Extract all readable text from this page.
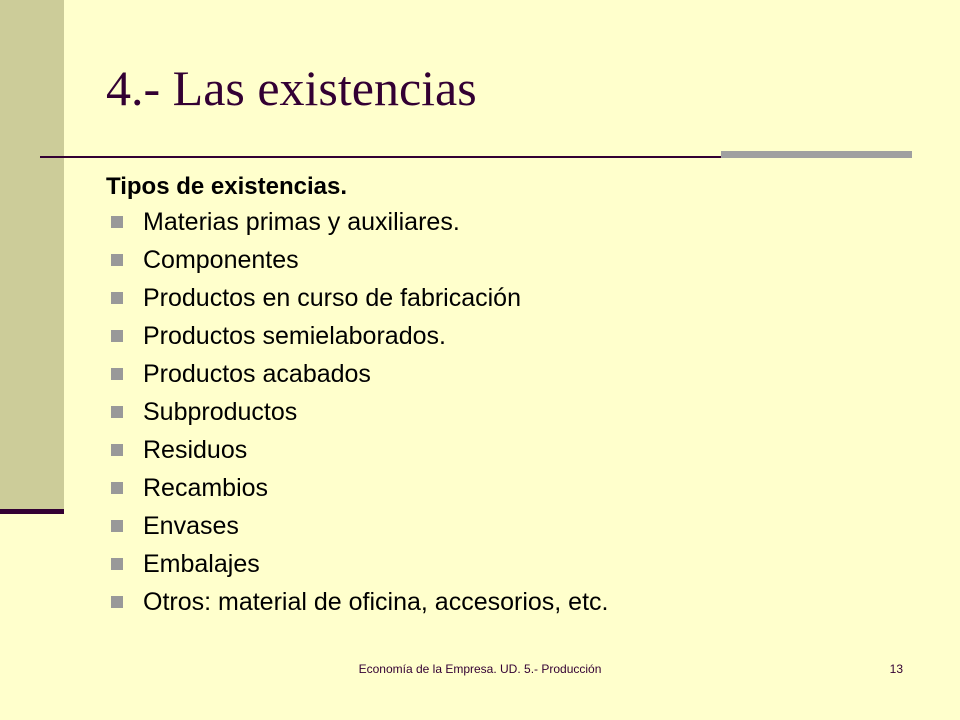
4.- Las existencias
Tipos de existencias.
Materias primas y auxiliares.
Componentes
Productos en curso de fabricación
Productos semielaborados.
Productos acabados
Subproductos
Residuos
Recambios
Envases
Embalajes
Otros: material de oficina, accesorios, etc.
Economía de la Empresa. UD. 5.- Producción	13
